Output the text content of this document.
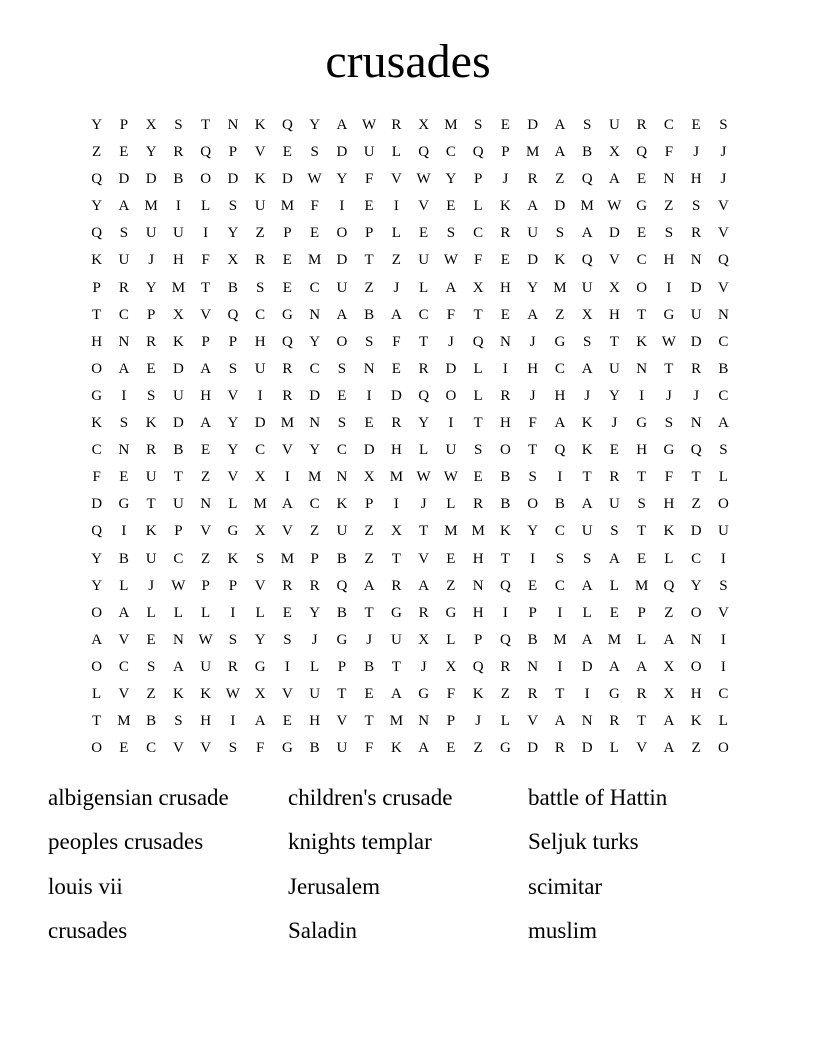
crusades
Y	P	X	S	T	N	K	Q	Y	A W	R	X	M	S	E	D	A	S	U	R	C	E	S
Z	E	Y	R	Q	P	V	E	S	D	U	L	Q	C	Q	P	M	A	B	X	Q	F	J	J
Q	D	D	B	O	D	K	D W Y	F	V W Y	P	J	R	Z	Q	A	E	N	H	J
Y	A	M	I	L	S	U	M	F	I	E	I	V	E	L	K	A	D	M W G	Z	S	V
Q	S	U	U	I	Y	Z	P	E	O	P	L	E	S	C	R	U	S	A	D	E	S	R	V
K	U	J	H	F	X	R	E	M	D	T	Z	U W	F	E	D	K	Q	V	C	H	N	Q
P	R	Y	M	T	B	S	E	C	U	Z	J	L	A	X	H	Y	M	U	X	O	I	D	V
T	C	P	X	V	Q	C	G	N	A	B	A	C	F	T	E	A	Z	X	H	T	G	U	N
H	N	R	K	P	P	H	Q	Y	O	S	F	T	J	Q	N	J	G	S	T	K W D	C
O	A	E	D	A	S	U	R	C	S	N	E	R	D	L	I	H	C	A	U	N	T	R	B
G	I	S	U	H	V	I	R	D	E	I	D	Q	O	L	R	J	H	J	Y	I	J	J	C
K	S	K	D	A	Y	D	M	N	S	E	R	Y	I	T	H	F	A	K	J	G	S	N	A
C	N	R	B	E	Y	C	V	Y	C	D	H	L	U	S	O	T	Q	K	E	H	G	Q	S
F	E	U	T	Z	V	X	I	M	N	X	M W W	E	B	S	I	T	R	T	F	T	L
D	G	T	U	N	L	M	A	C	K	P	I	J	L	R	B	O	B	A	U	S	H	Z	O
Q	I	K	P	V	G	X	V	Z	U	Z	X	T	M M	K	Y	C	U	S	T	K	D	U
Y	B	U	C	Z	K	S	M	P	B	Z	T	V	E	H	T	I	S	S	A	E	L	C	I
Y	L	J	W	P	P	V	R	R	Q	A	R	A	Z	N	Q	E	C	A	L	M	Q	Y	S
O	A	L	L	L	I	L	E	Y	B	T	G	R	G	H	I	P	I	L	E	P	Z	O	V
A	V	E	N W	S	Y	S	J	G	J	U	X	L	P	Q	B	M	A	M	L	A	N	I
O	C	S	A	U	R	G	I	L	P	B	T	J	X	Q	R	N	I	D	A	A	X	O	I
L	V	Z	K	K W X	V	U	T	E	A	G	F	K	Z	R	T	I	G	R	X	H	C
T	M	B	S	H	I	A	E	H	V	T	M	N	P	J	L	V	A	N	R	T	A	K	L
O	E	C	V	V	S	F	G	B	U	F	K	A	E	Z	G	D	R	D	L	V	A	Z	O
albigensian crusade	children's crusade	battle of Hattin
peoples crusades	knights templar	Seljuk turks
louis vii	Jerusalem	scimitar
crusades	Saladin	muslim
